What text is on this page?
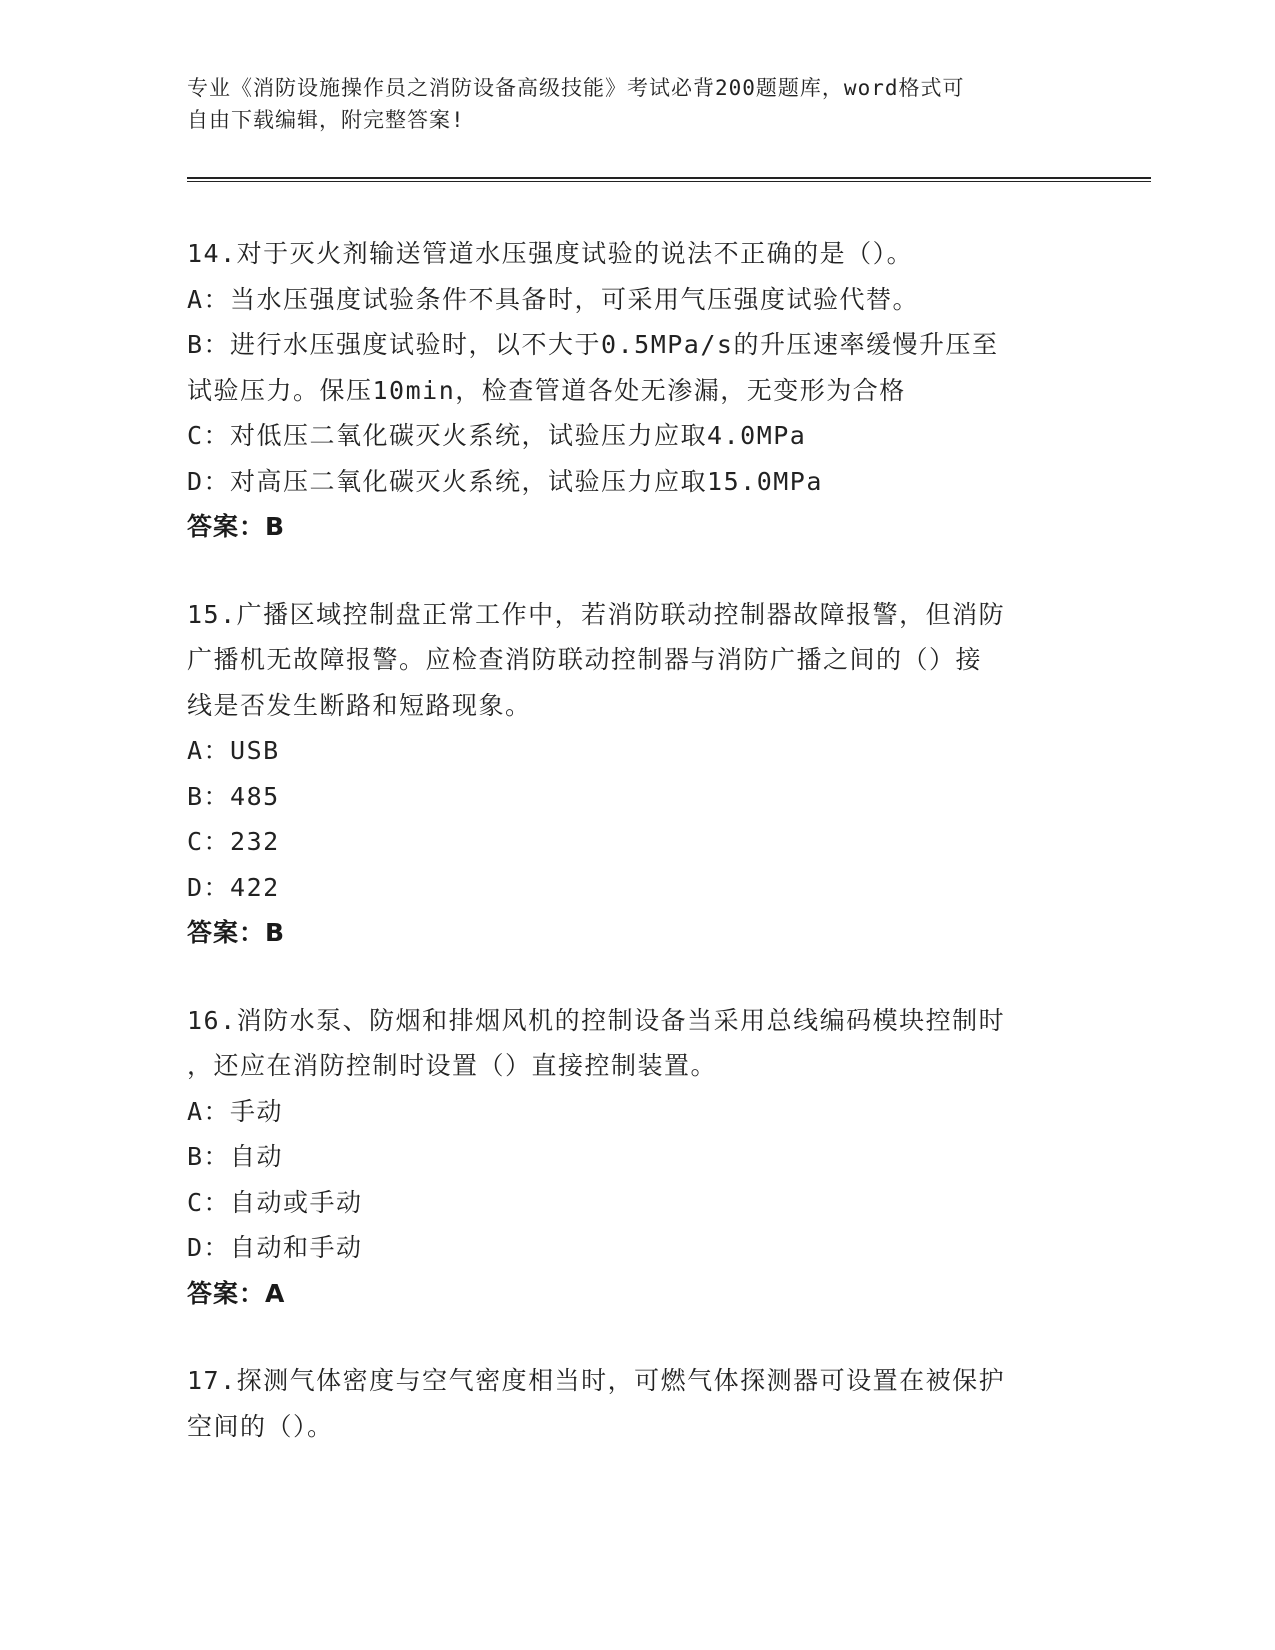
专业《消防设施操作员之消防设备高级技能》考试必背200题题库，word格式可
自由下载编辑，附完整答案!
14.对于灭火剂输送管道水压强度试验的说法不正确的是（）。
A：当水压强度试验条件不具备时，可采用气压强度试验代替。
B：进行水压强度试验时，以不大于0.5MPa/s的升压速率缓慢升压至
试验压力。保压10min，检查管道各处无渗漏，无变形为合格
C：对低压二氧化碳灭火系统，试验压力应取4.0MPa
D：对高压二氧化碳灭火系统，试验压力应取15.0MPa
答案：B
15.广播区域控制盘正常工作中，若消防联动控制器故障报警，但消防
广播机无故障报警。应检查消防联动控制器与消防广播之间的（）接
线是否发生断路和短路现象。
A：USB
B：485
C：232
D：422
答案：B
16.消防水泵、防烟和排烟风机的控制设备当采用总线编码模块控制时
，还应在消防控制时设置（）直接控制装置。
A：手动
B：自动
C：自动或手动
D：自动和手动
答案：A
17.探测气体密度与空气密度相当时，可燃气体探测器可设置在被保护
空间的（）。
